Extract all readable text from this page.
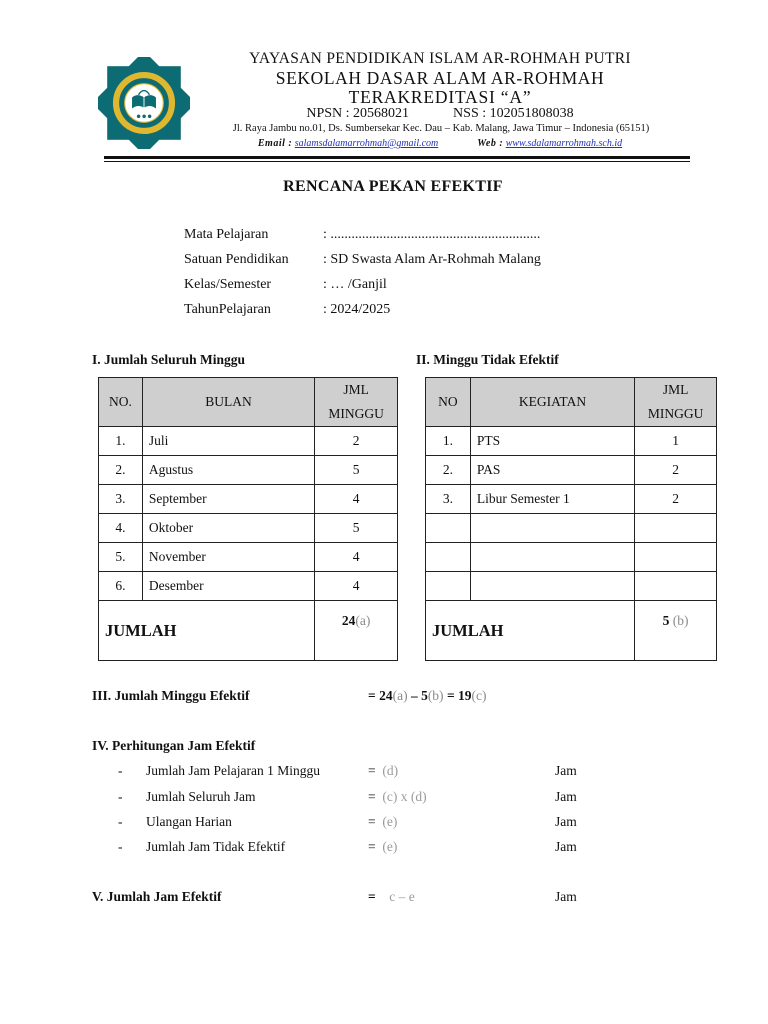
● ● ●
YAYASAN PENDIDIKAN ISLAM AR-ROHMAH PUTRI
SEKOLAH DASAR ALAM AR-ROHMAH
TERAKREDITASI “A”
NPSN : 20568021	NSS : 102051808038
Jl. Raya Jambu no.01, Ds. Sumbersekar Kec. Dau – Kab. Malang, Jawa Timur – Indonesia (65151)
Email : salamsdalamarrohmah@gmail.com	Web : www.sdalamarrohmah.sch.id
RENCANA PEKAN EFEKTIF
Mata Pelajaran	: ............................................................
Satuan Pendidikan : SD Swasta Alam Ar-Rohmah Malang
Kelas/Semester	: … /Ganjil
TahunPelajaran	: 2024/2025
I. Jumlah Seluruh Minggu	II. Minggu Tidak Efektif
NO.	BULAN	JML
MINGGU
1.	Juli	2
2.	Agustus	5
3.	September	4
4.	Oktober	5
5.	November	4
6.	Desember	4
JUMLAH		24(a)
NO	KEGIATAN	JML
MINGGU
1.	PTS	1
2.	PAS	2
3.	Libur Semester 1	2

JUMLAH		5 (b)
III. Jumlah Minggu Efektif	= 24(a) – 5(b) = 19(c)
IV. Perhitungan Jam Efektif
- Jumlah Jam Pelajaran 1 Minggu	= (d)	Jam
- Jumlah Seluruh Jam	= (c) x (d)	Jam
- Ulangan Harian	= (e)	Jam
- Jumlah Jam Tidak Efektif	= (e)	Jam
V. Jumlah Jam Efektif	= c – e	Jam
